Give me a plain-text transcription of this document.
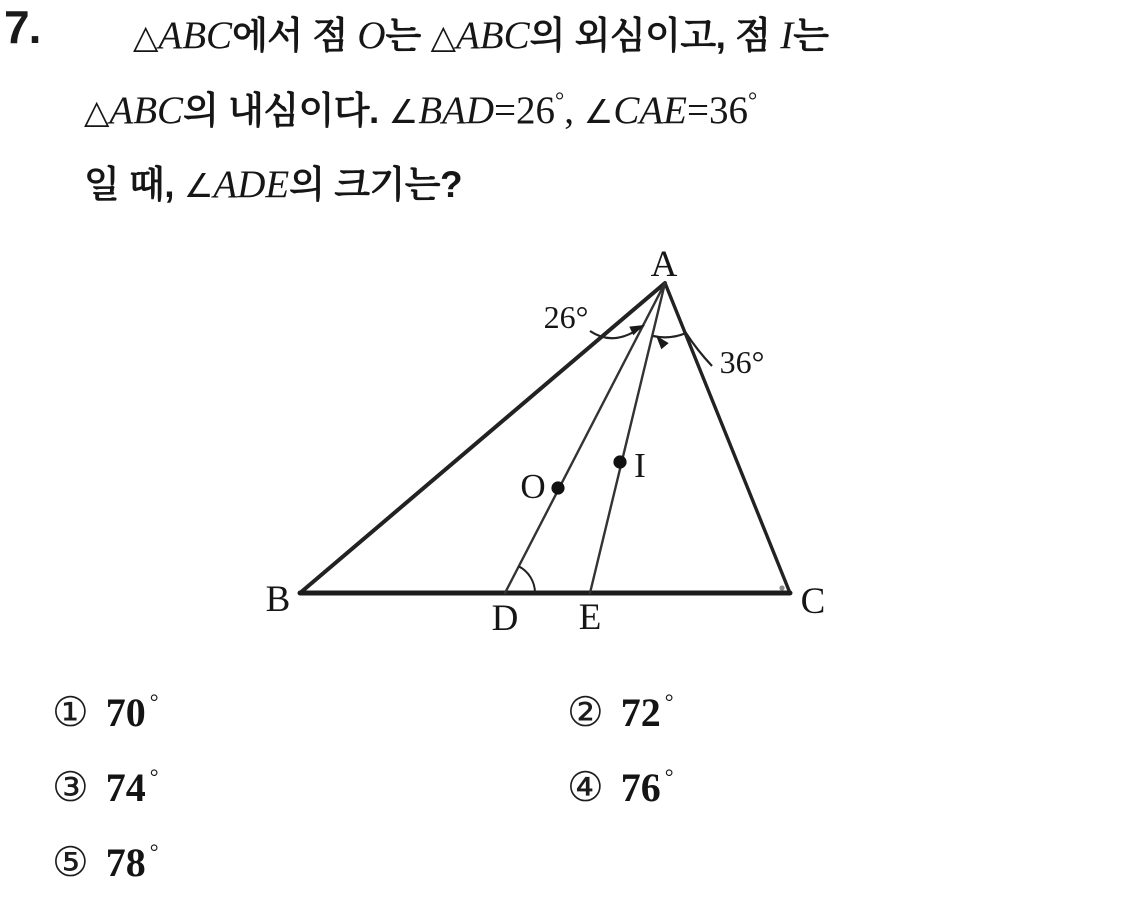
7.	△ABC에서 점 O는 △ABC의 외심이고, 점 I는
△ABC의 내심이다. ∠BAD=26°, ∠CAE=36°
일 때, ∠ADE의 크기는?
A
B	C
D E
O
I
26°
36°
① 70 °	② 72 °
③ 74 °	④ 76 °
⑤ 78 °
